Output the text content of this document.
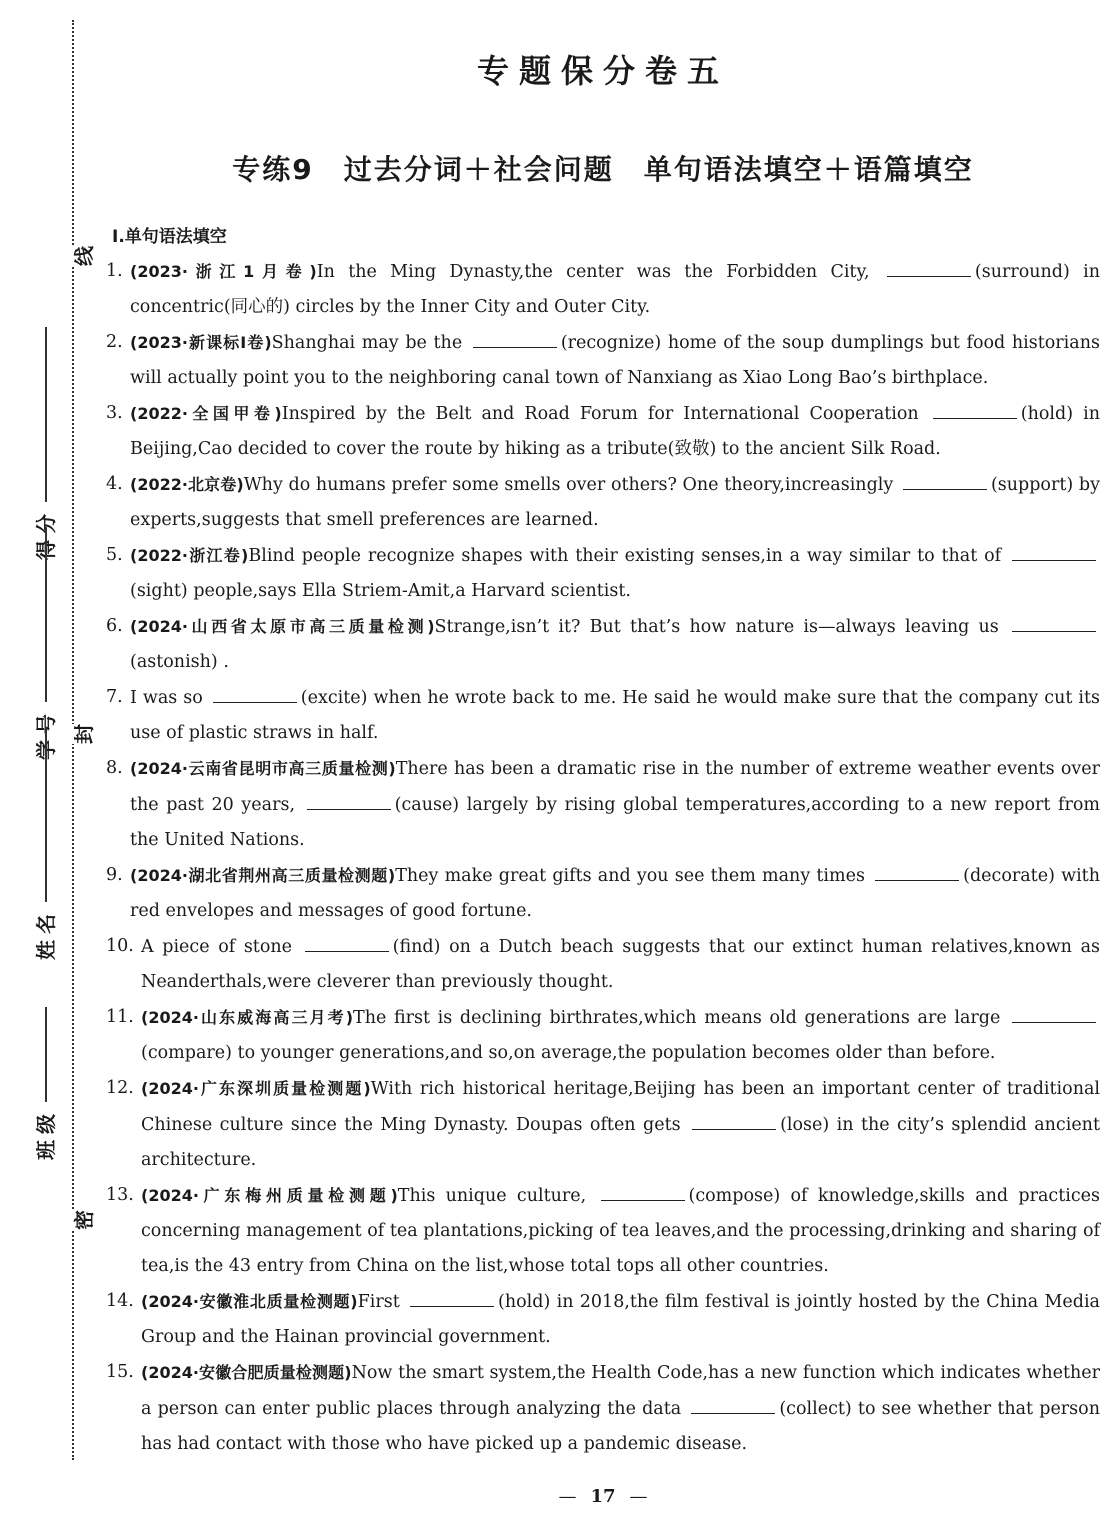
线
封
密
得分
学号
姓名
班级
专题保分卷五
专练9　过去分词＋社会问题　单句语法填空＋语篇填空
Ⅰ.单句语法填空
1. (2023·浙江1月卷)In the Ming Dynasty,the center was the Forbidden City,	(surround) in concentric(同心的) circles by the Inner City and Outer City.
2. (2023·新课标Ⅰ卷)Shanghai may be the	(recognize) home of the soup dumplings but food historians will actually point you to the neighboring canal town of Nanxiang as Xiao Long Bao’s birthplace.
3. (2022·全国甲卷)Inspired by the Belt and Road Forum for International Cooperation	(hold) in Beijing,Cao decided to cover the route by hiking as a tribute(致敬) to the ancient Silk Road.
4. (2022·北京卷)Why do humans prefer some smells over others? One theory,increasingly	(support) by experts,suggests that smell preferences are learned.
5. (2022·浙江卷)Blind people recognize shapes with their existing senses,in a way similar to that of (sight) people,says Ella Striem-Amit,a Harvard scientist.
6. (2024·山西省太原市高三质量检测)Strange,isn’t it? But that’s how nature is—always leaving us (astonish) .
7. I was so	(excite) when he wrote back to me. He said he would make sure that the company cut its use of plastic straws in half.
8. (2024·云南省昆明市高三质量检测)There has been a dramatic rise in the number of extreme weather events over the past 20 years,	(cause) largely by rising global temperatures,according to a new report from the United Nations.
9. (2024·湖北省荆州高三质量检测题)They make great gifts and you see them many times	(decorate) with red envelopes and messages of good fortune.
10. A piece of stone	(find) on a Dutch beach suggests that our extinct human relatives,known as Neanderthals,were cleverer than previously thought.
11. (2024·山东威海高三月考)The first is declining birthrates,which means old generations are large (compare) to younger generations,and so,on average,the population becomes older than before.
12. (2024·广东深圳质量检测题)With rich historical heritage,Beijing has been an important center of traditional Chinese culture since the Ming Dynasty. Doupas often gets	(lose) in the city’s splendid ancient architecture.
13. (2024·广东梅州质量检测题)This unique culture,	(compose) of knowledge,skills and practices concerning management of tea plantations,picking of tea leaves,and the processing,drinking and sharing of tea,is the 43 entry from China on the list,whose total tops all other countries.
14. (2024·安徽淮北质量检测题)First	(hold) in 2018,the film festival is jointly hosted by the China Media Group and the Hainan provincial government.
15. (2024·安徽合肥质量检测题)Now the smart system,the Health Code,has a new function which indicates whether a person can enter public places through analyzing the data	(collect) to see whether that person has had contact with those who have picked up a pandemic disease.
— 17 —
